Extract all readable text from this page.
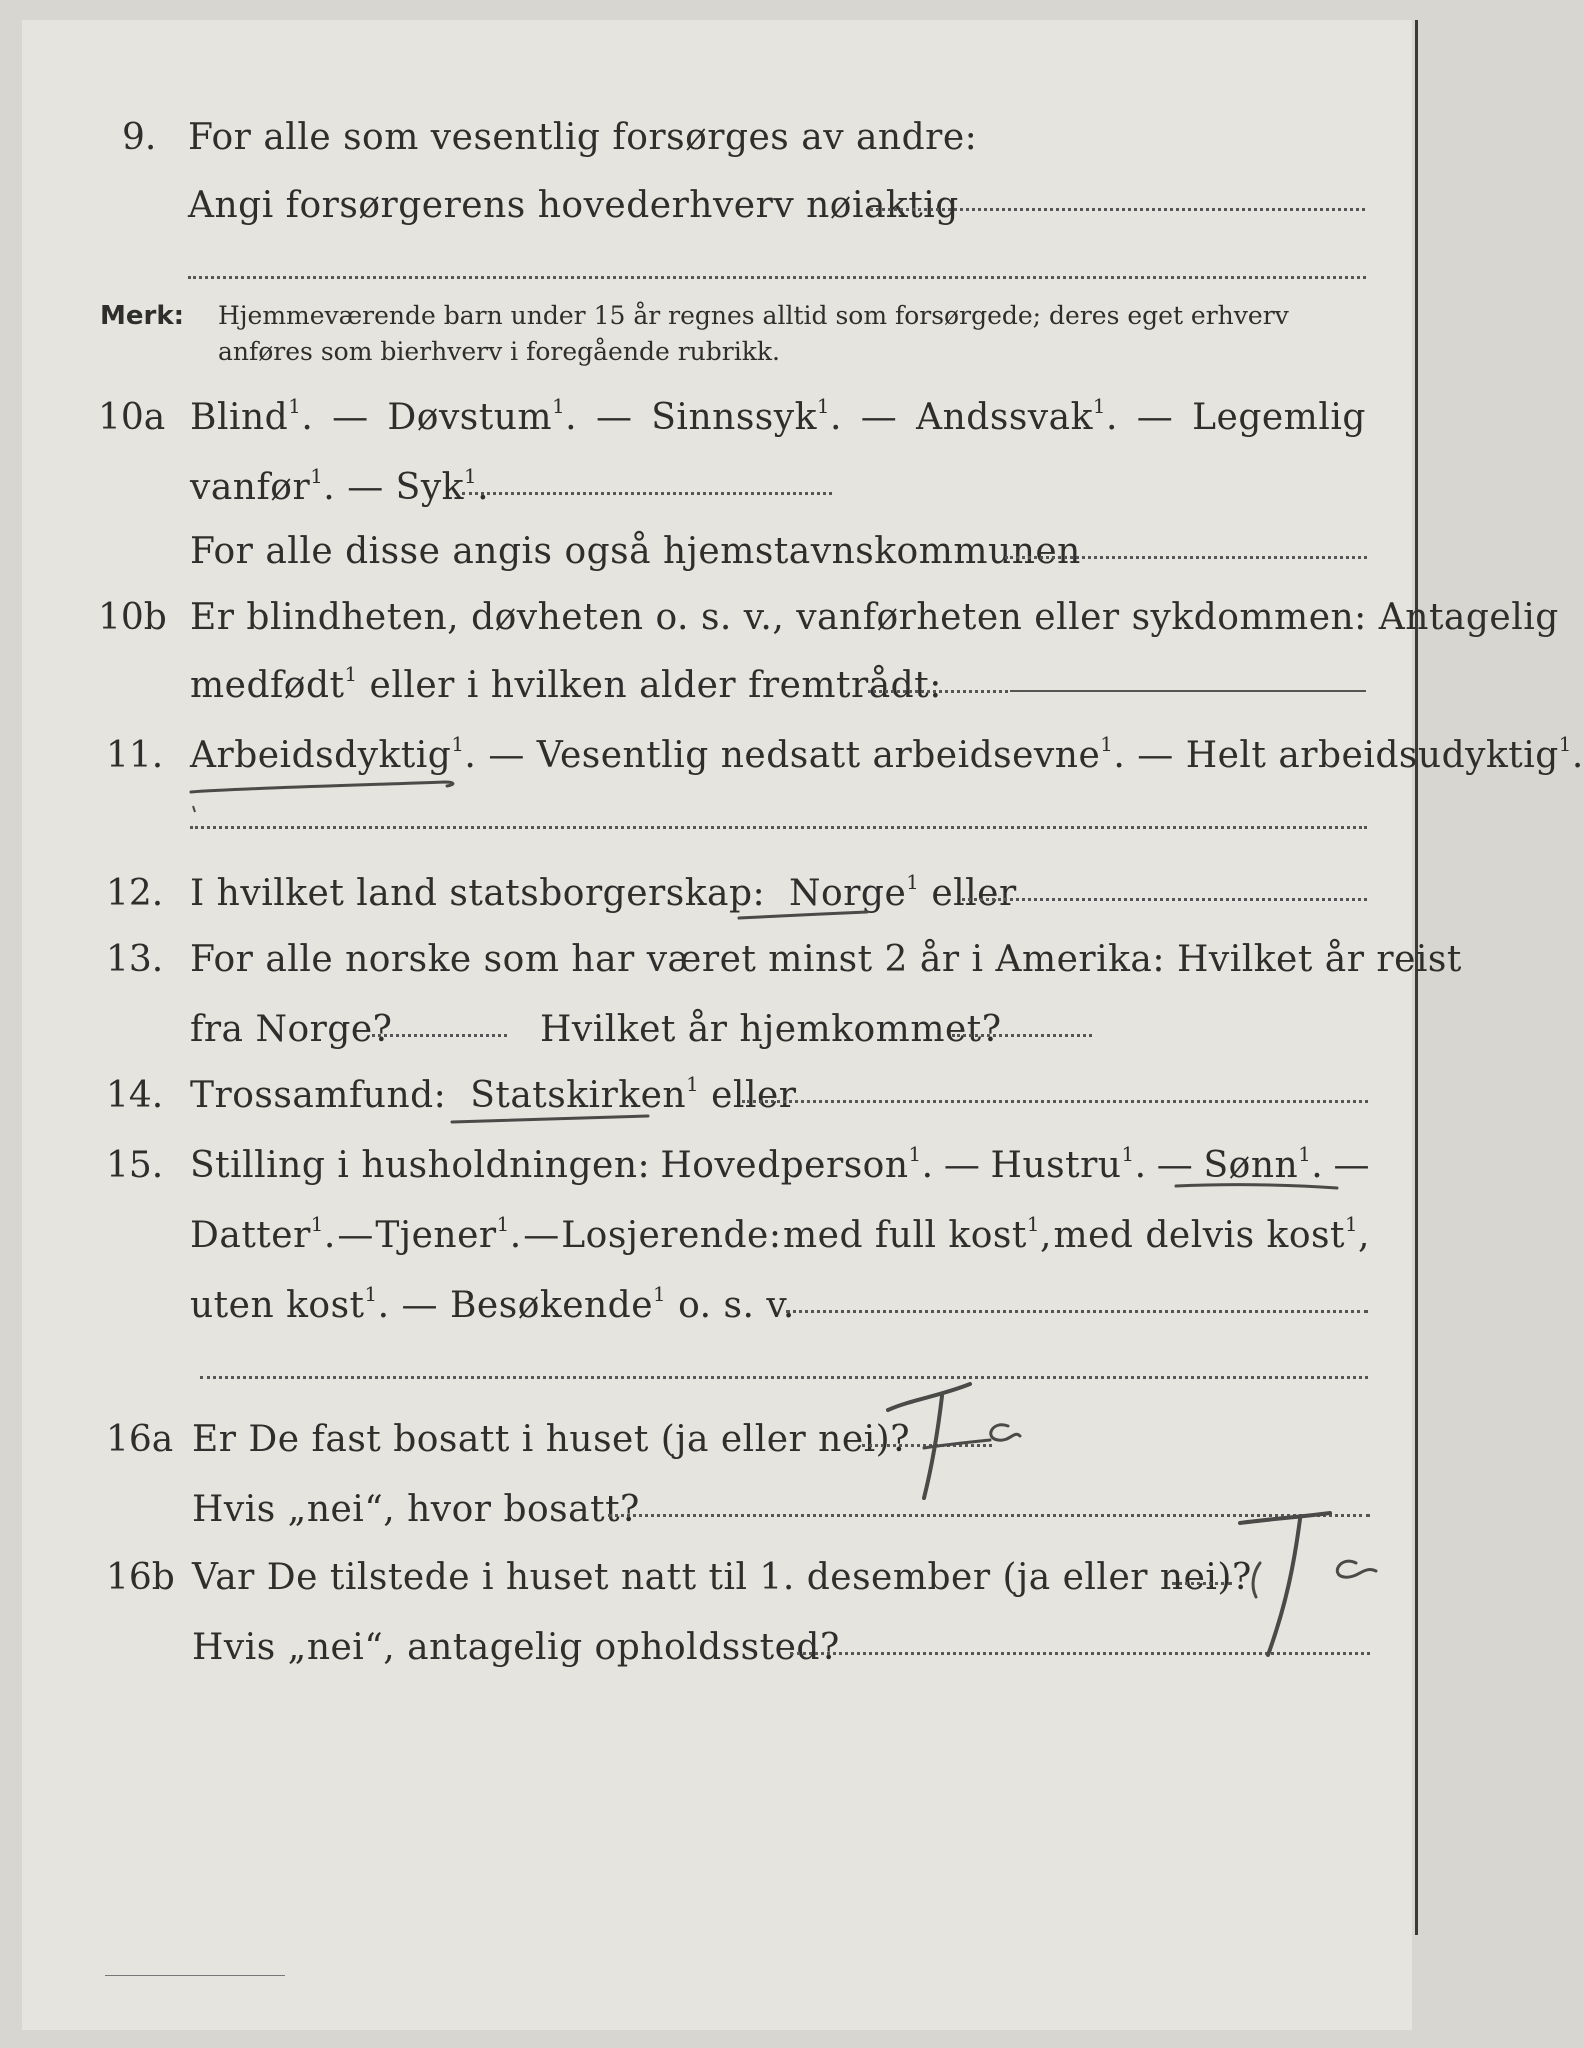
9. For alle som vesentlig forsørges av andre:
Angi forsørgerens hovederhverv nøiaktig
Merk: Hjemmeværende barn under 15 år regnes alltid som forsørgede; deres eget erhverv
anføres som bierhverv i foregående rubrikk.
10a Blind$^1$. — Døvstum$^1$. — Sinnssyk$^1$. — Andssvak$^1$. — Legemlig
vanfør$^1$. — Syk$^1$.
For alle disse angis også hjemstavnskommunen
10b Er blindheten, døvheten o. s. v., vanførheten eller sykdommen: Antagelig
medfødt$^1$ eller i hvilken alder fremtrådt:
11. Arbeidsdyktig$^1$. — Vesentlig nedsatt arbeidsevne$^1$. — Helt arbeidsudyktig$^1$.
12. I hvilket land statsborgerskap: Norge$^1$ eller
13. For alle norske som har været minst 2 år i Amerika: Hvilket år reist
fra Norge?	Hvilket år hjemkommet?
14. Trossamfund: Statskirken$^1$ eller
15. Stilling i husholdningen: Hovedperson$^1$. — Hustru$^1$. — Sønn$^1$. —
Datter$^1$. — Tjener$^1$. — Losjerende: med full kost$^1$, med delvis kost$^1$,
uten kost$^1$. — Besøkende$^1$ o. s. v.
16a Er De fast bosatt i huset (ja eller nei)?
Hvis „nei“, hvor bosatt?
16b Var De tilstede i huset natt til 1. desember (ja eller nei)?
Hvis „nei“, antagelig opholdssted?
